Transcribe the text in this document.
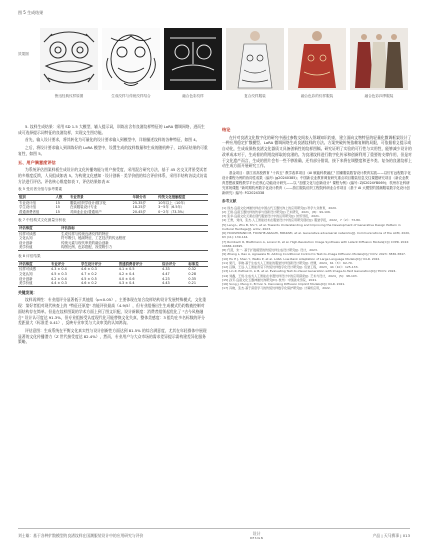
图 5 生成结果
效果图
鲁迅经典纹样原图	生成纹样与传统纹样结合	融合色彩纹样	复合纹样服装	融合色彩的纹样服装	融合色彩四季服装

5. 纹样生成结果：采用 SD 1.5 大模型，辅入提示词，训练出含有良渚纹样特征的 LoRA 微调网络，进而生成可选择提示词特征的良渚纹样，实现文生图功能。

首先，输入设计要求，将其转化为可量化的设计要求输入到模型中，详细描述纹样的各种特征，如图 4。

之后，将设计要求输入到训练好的 LoRA 模型中，设置生成的纹样数量和生成的随机种子，以保证结果的可重复性，如图 5。

五、用户满意度评估

为系统评估图案样板生成设计的文化传播效能与用户接受度，采用混合研究方法，基于 45 名交叉背景受试者的多维度反馈，人员组成如表 5。为构建文化感知 · 设计创新 · 美学价值的综合评价体系，采用半结构访谈式访谈方法进行评估。评估核心维度如表 7，评估结果如表 8：

表 5 受访者分组与参考要素
组别	人数	专业背景	年龄分布	传统文化接触程度
专业设计组	15	服装/纺织学设计/数字化	25-35岁	10年以上（10年）
学生设计组	15	在读服装设计专业	18-25岁	3~5年（6.5年）
普通消费者组	15	对商业企业/普通用户	20-45岁	0~2年（73.3%）
表 7 中经构式文化测量分析表
评估维度	评估指标
纹样可读感	生成纹样与传统良渚纹样的特征
文化认知	符号吸引、秘阁特征、工艺技法的传达程度
设计创新	传统元素与现代审美的融合创新
美学价值	构图比例、色彩搭配、视觉吸引力
表 8 评估结果
评估维度	专业评分	学生设计评分	普通消费者评分	综合评分	标准差
纹样可读感	4.3 ± 0.4	4.6 ± 0.3	4.1 ± 0.5	4.33	0.32
文化认知	4.5 ± 0.3	4.7 ± 0.2	4.2 ± 0.4	4.47	0.28
设计创新	4.2 ± 0.4	4.5 ± 0.5	4.0 ± 0.6	4.23	0.35
美学价值	4.4 ± 0.3	4.6 ± 0.2	4.3 ± 0.4	4.43	0.21
关键发现：

纹样再辨性：专业组评分显著低于其他组（p<0.05）。主要体现在复合纹样结构设计发展特殊模式，文化重现：第好者组对现代核查上的 "特征还原度" 功能评价最高（4.9/5），但专业组指出生生成模式仍约数被控制对面结构存在简单。但是在纹样图案的学术方面上到了图文识配，设计新颖度：消费者组领起优化了 "古今风格融合" 设计认可度达 91.3%，但专业组接受认度现代化可能替换文化失真，整体美感度：3 组均在多名标数的评分差距最大（标准差 0.41），反映专业审美与大众审美的认知鸿沟。

评估意图：生成系统在平衡文化真实性与设计创新性方面达到 81.5% 的综合满意度，尤其在年轻群体中展现显著的文化传播潜力（Z 世代接受度达 82.4%），然而，专业用户与大众市场的需求差异提示需构建差异化服务策略。

结论

在针对良渚文化数字化的研究中通过参数交间表入领域知识约束，建立面向文物特征的轻量化微调框架设计了一种应用稳定扩散模型、LoRA 微调网络生成良渚纹样的方法。方案突破传统依赖复制的局限，可依据着义提示或自动化，生成成保持良渚文化器质又具备创新性的纹样图稿。研究证明了实验的可行性与实用性，能够减少设计的改革成本对于，生成着的利用纹样取的良渚的。为良渚纹样进行数字化传承和创新利用了重要的支撑作用，但是对于文化遗产而言，生成的图片会有一些不够准确，还有部分错误，接下来将在调整度和更多类、复杂的良渚纹样上动生成方面开展研究工作。

基金项目：浙江省高校教育 "十四五" 教学改革项目《AI 赋能科教融汇" 国潮服装数智设计教育实践——以钉钉远程数字化设计课程为例的协同性成果（编号: jg20240385)；中国新农业教育调查研究重点项目服装信息交往课题研究项目《新农业教育思想政课程教学平台在核心功能设计研究——以 "加强文化与创新设计" 课程为例》(编号: ZJS2024YB069)；杭州市社科研究常规课题 "新时期杭州数字化设计教育（——游江服装纺织工程院科研业合作项目《基于 AI 大模型的国潮服装数字化设计创新研究》编号: FG2024338

参考文献
[1] 徐杰.良渚文化神徽纹样在中国古代玉器纹饰上的应用研究[J].科学大众教育，2020.
[2] 王艳.良渚玉器纹样的传承与创新设计研究[J].艺术研究，2021，(8)：99-106.
[3] 张华.良渚文化元素在现代服装设计中的运用研究[J]. 纺织导报，2021.
[4] 王勇，刘伟，张杰.人工智能技术在服装设计中的应用研究现状[J]. 服装学报，2022，7（2）：73-80.
[5] Leng L, Zhu B, Shi Y, et al. Towards Understanding and Improving the Development of Generative Design Pattern in Cultural Heritage[J]. arXiv, 2023.
[6] HOOSHMAND M, FOOSHE-ARAGHI, MIRZAEI, et al. Generative adversarial networks[J]. Communications of the ACM, 2020, 63 (11): 139-144.
[7] Rombach R, Blattmann A, Lorenz D, et al. High-Resolution Image Synthesis with Latent Diffusion Models[C]// CVPR. 2022: 10684-10695.
[8] 代茹，朱一. 基于扩散模型的传统纹样生成设计研究[J]. 设计，2023.
[9] Zhang L, Rao A, Agrawala M. Adding Conditional Control to Text-to-Image Diffusion Models[C]// ICCV. 2023: 3836-3847.
[10] Hu E J, Shen Y, Wallis P, et al. LoRA: Low-Rank Adaptation of Large Language Models[C]// ICLR. 2022.
[11] 梁凡，李晓.基于生成式人工智能的服装纹样创新设计研究[J]. 丝绸，2024，61（3）：62-70.
[12] 吕静，王远.人工智能背景下传统纹样数字化设计研究[J]. 包装工程，2023，44（10）：125-133.
[13] Lin Z, Pathak D, Li B, et al. Evaluating Text-to-Visual Generation with Image-to-Text Generation[C]// ECCV. 2024.
[14] 刘鑫，王悦.生成式人工智能在非遗纹样设计中的应用探索[J]. 艺术与设计，2024，(5)：98-103.
[15] 孙芳.良渚文化玉器神徽纹饰研究[D]. 杭州：中国美术学院，2021.
[16] Song J, Meng C, Ermon S. Denoising Diffusion Implicit Models[C]// ICLR. 2021.
[17] 冯晓，张杰.基于深度学习的传统纹样数字化保护研究[J]. 计算机应用，2022.
刘士雄：基于各种扩散模型的良渚纹样在国潮服装设计中的应用研究与评价	设计
DESIGN
产品 | 天马赛事 | 013
